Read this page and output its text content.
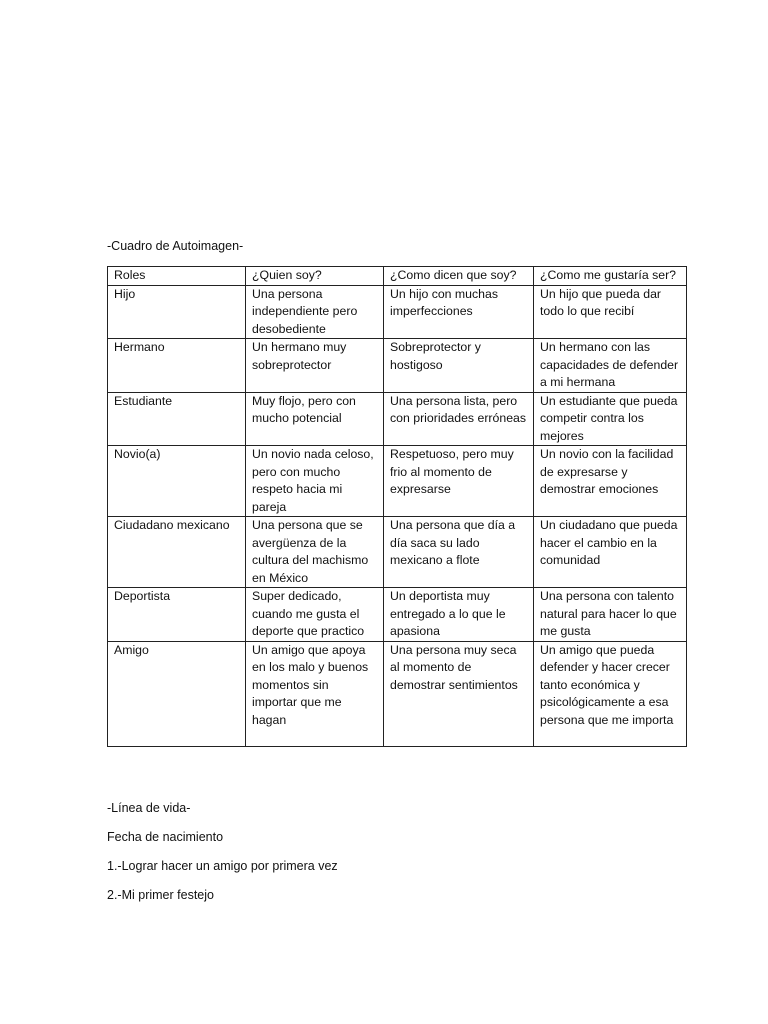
-Cuadro de Autoimagen-
Roles	¿Quien soy?	¿Como dicen que soy?	¿Como me gustaría ser?
Hijo	Una persona independiente pero desobediente	Un hijo con muchas imperfecciones	Un hijo que pueda dar todo lo que recibí
Hermano	Un hermano muy sobreprotector	Sobreprotector y hostigoso	Un hermano con las capacidades de defender a mi hermana
Estudiante	Muy flojo, pero con mucho potencial	Una persona lista, pero con prioridades erróneas	Un estudiante que pueda competir contra los mejores
Novio(a)	Un novio nada celoso, pero con mucho respeto hacia mi pareja	Respetuoso, pero muy frio al momento de expresarse	Un novio con la facilidad de expresarse y demostrar emociones
Ciudadano mexicano	Una persona que se avergüenza de la cultura del machismo en México	Una persona que día a día saca su lado mexicano a flote	Un ciudadano que pueda hacer el cambio en la comunidad
Deportista	Super dedicado, cuando me gusta el deporte que practico	Un deportista muy entregado a lo que le apasiona	Una persona con talento natural para hacer lo que me gusta
Amigo	Un amigo que apoya en los malo y buenos momentos sin importar que me hagan	Una persona muy seca al momento de demostrar sentimientos	Un amigo que pueda defender y hacer crecer tanto económica y psicológicamente a esa persona que me importa
-Línea de vida-
Fecha de nacimiento
1.-Lograr hacer un amigo por primera vez
2.-Mi primer festejo
